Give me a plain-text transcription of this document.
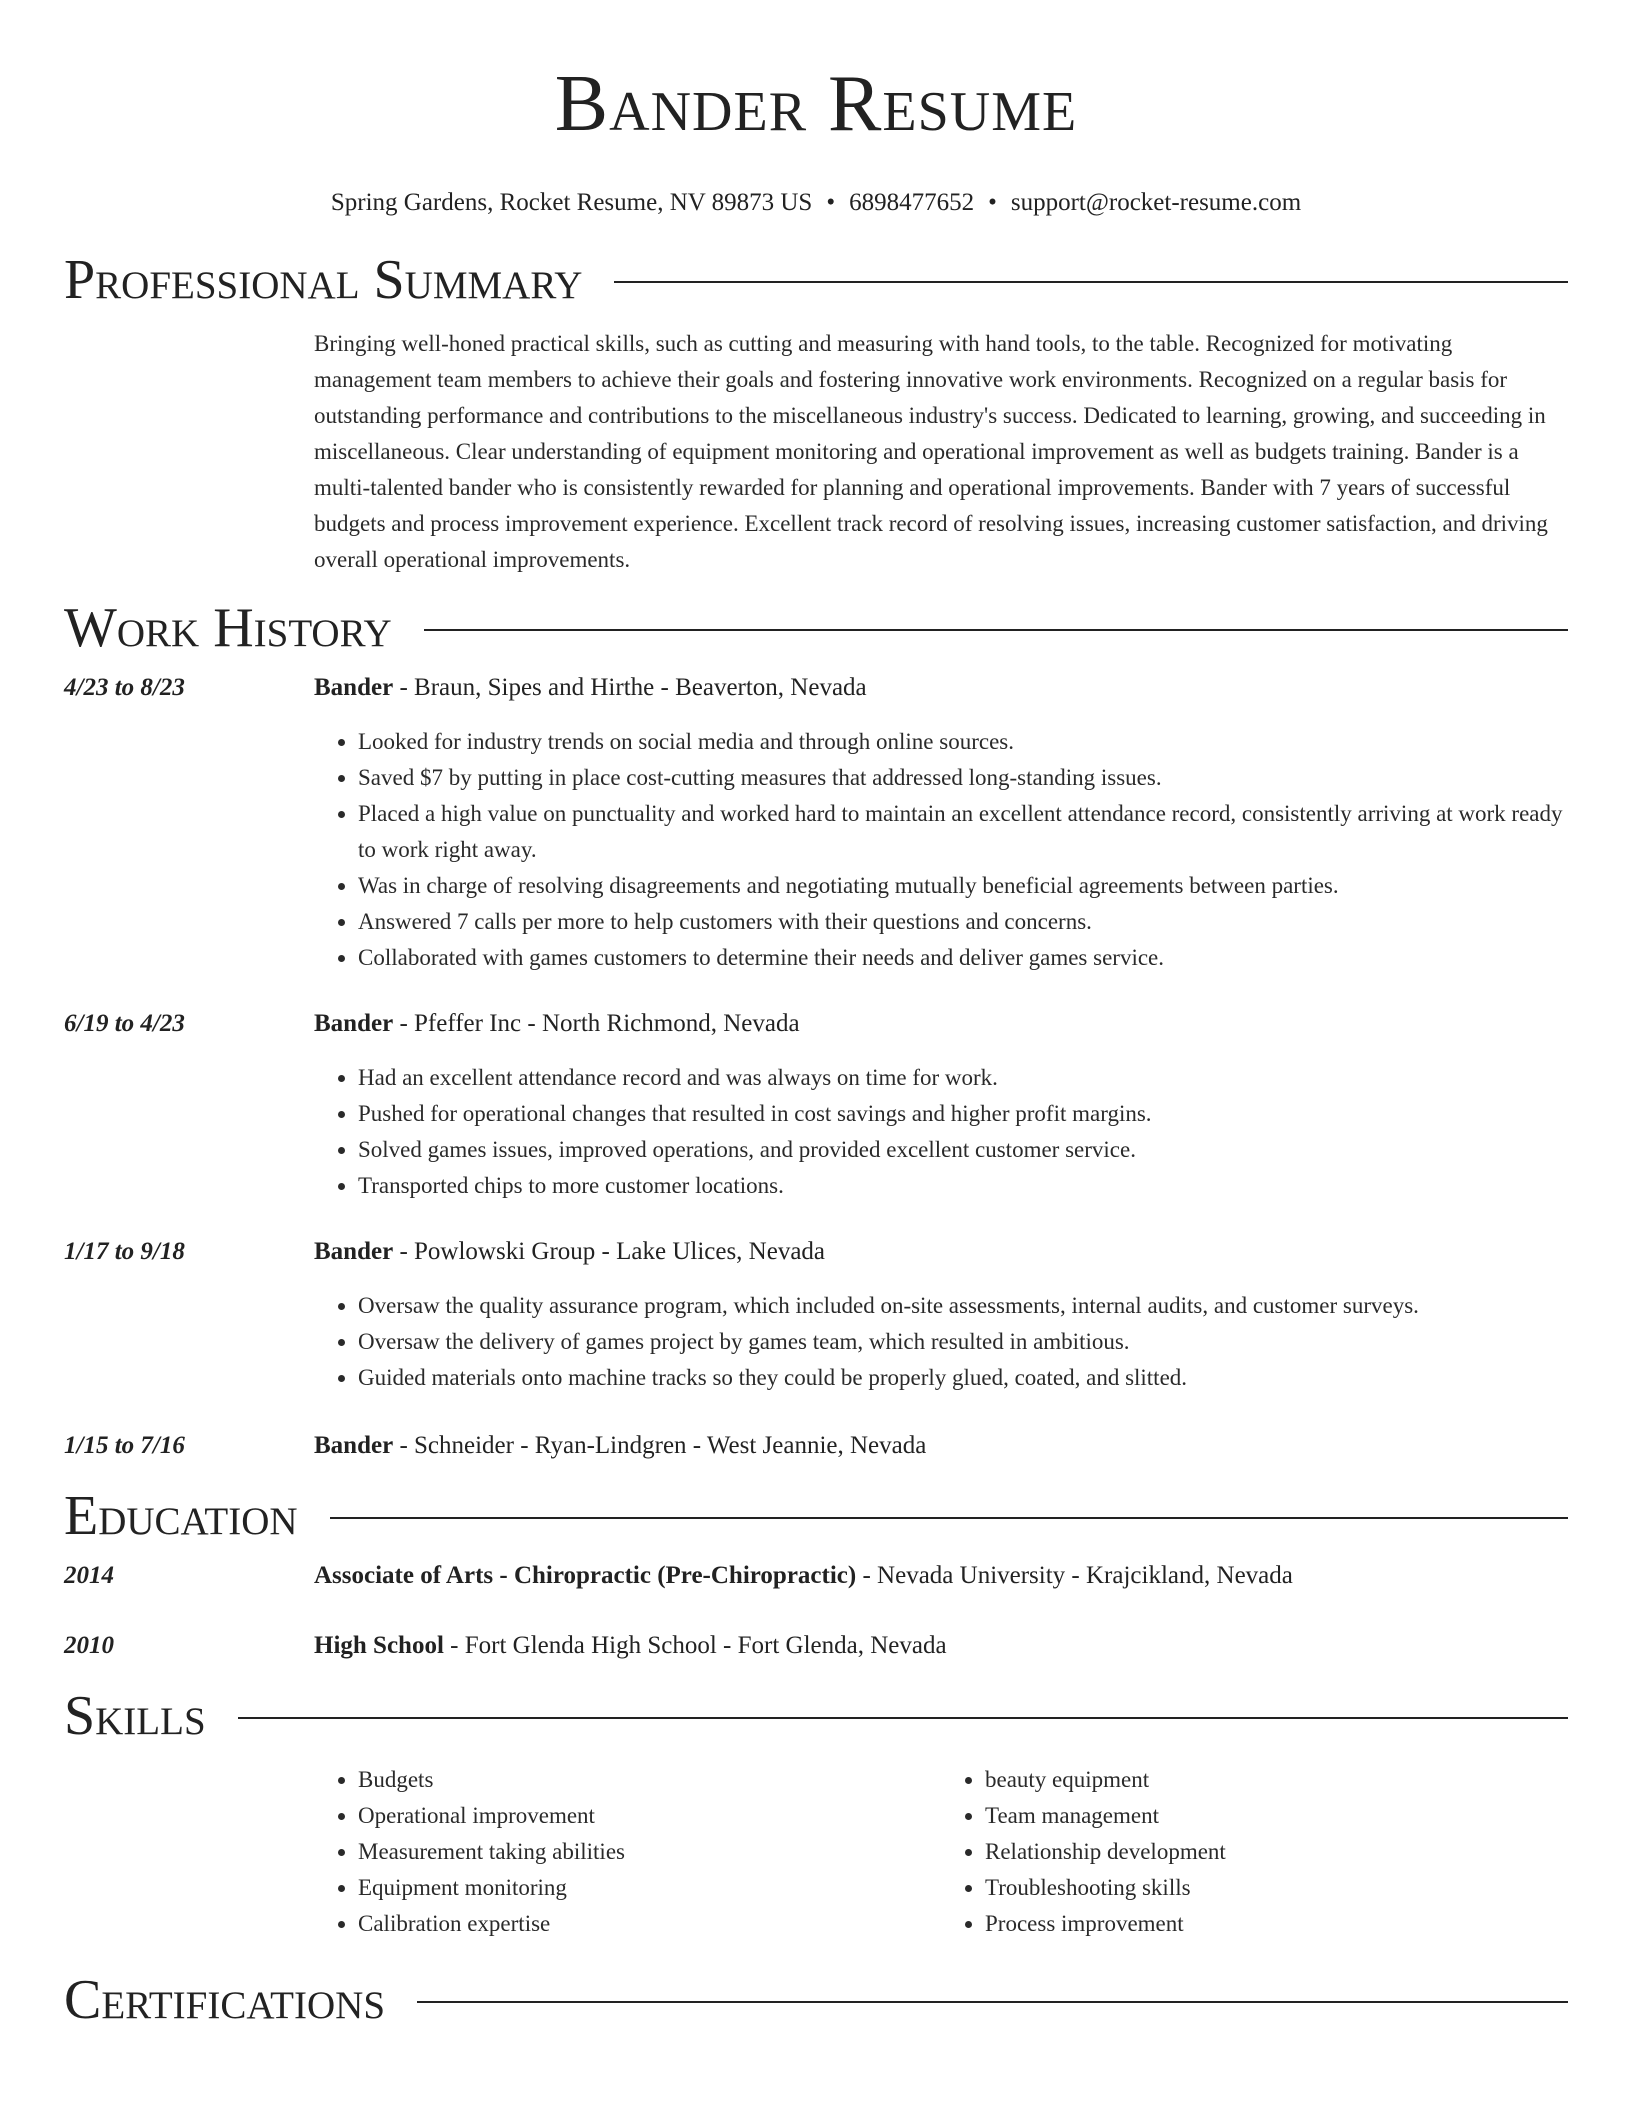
Bander Resume
Spring Gardens, Rocket Resume, NV 89873 US • 6898477652 • support@rocket-resume.com
Professional Summary
Bringing well-honed practical skills, such as cutting and measuring with hand tools, to the table. Recognized for motivating management team members to achieve their goals and fostering innovative work environments. Recognized on a regular basis for outstanding performance and contributions to the miscellaneous industry's success. Dedicated to learning, growing, and succeeding in miscellaneous. Clear understanding of equipment monitoring and operational improvement as well as budgets training. Bander is a multi-talented bander who is consistently rewarded for planning and operational improvements. Bander with 7 years of successful budgets and process improvement experience. Excellent track record of resolving issues, increasing customer satisfaction, and driving overall operational improvements.
Work History
4/23 to 8/23	Bander - Braun, Sipes and Hirthe - Beaverton, Nevada
• Looked for industry trends on social media and through online sources.
• Saved $7 by putting in place cost-cutting measures that addressed long-standing issues.
• Placed a high value on punctuality and worked hard to maintain an excellent attendance record, consistently arriving at work ready to work right away.
• Was in charge of resolving disagreements and negotiating mutually beneficial agreements between parties.
• Answered 7 calls per more to help customers with their questions and concerns.
• Collaborated with games customers to determine their needs and deliver games service.
6/19 to 4/23	Bander - Pfeffer Inc - North Richmond, Nevada
• Had an excellent attendance record and was always on time for work.
• Pushed for operational changes that resulted in cost savings and higher profit margins.
• Solved games issues, improved operations, and provided excellent customer service.
• Transported chips to more customer locations.
1/17 to 9/18	Bander - Powlowski Group - Lake Ulices, Nevada
• Oversaw the quality assurance program, which included on-site assessments, internal audits, and customer surveys.
• Oversaw the delivery of games project by games team, which resulted in ambitious.
• Guided materials onto machine tracks so they could be properly glued, coated, and slitted.
1/15 to 7/16	Bander - Schneider - Ryan-Lindgren - West Jeannie, Nevada
Education
2014	Associate of Arts - Chiropractic (Pre-Chiropractic) - Nevada University - Krajcikland, Nevada
2010	High School - Fort Glenda High School - Fort Glenda, Nevada
Skills
• Budgets
• Operational improvement
• Measurement taking abilities
• Equipment monitoring
• Calibration expertise
• beauty equipment
• Team management
• Relationship development
• Troubleshooting skills
• Process improvement
Certifications
